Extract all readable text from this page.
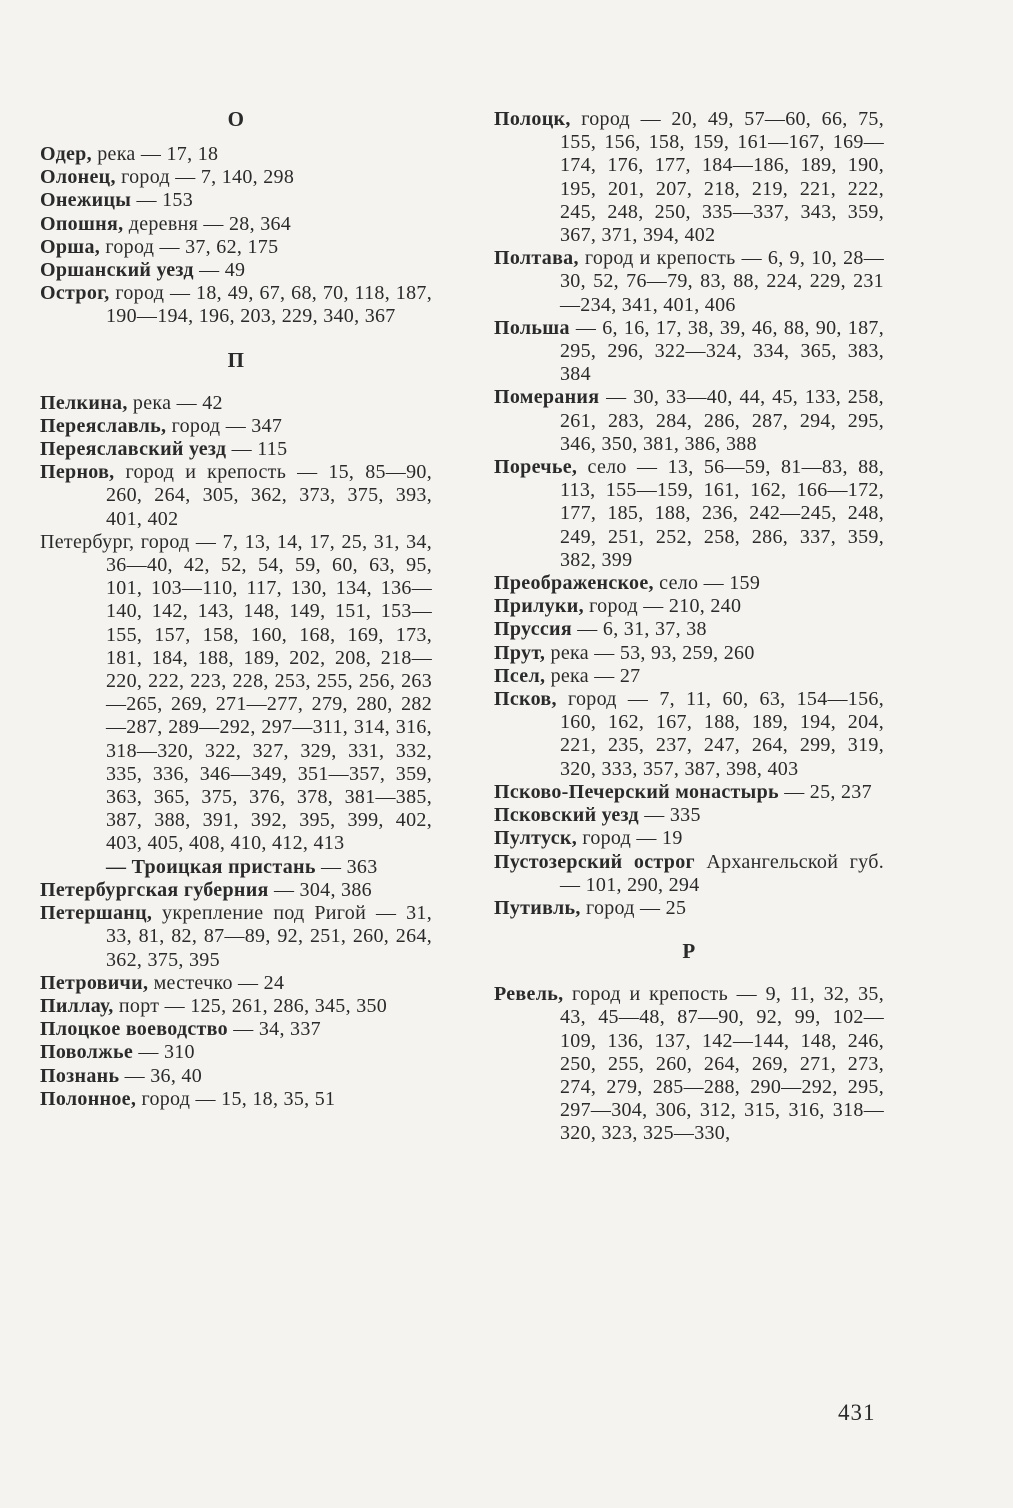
О

Одер, река — 17, 18

Олонец, город — 7, 140, 298

Онежицы — 153

Опошня, деревня — 28, 364

Орша, город — 37, 62, 175

Оршанский уезд — 49

Острог, город — 18, 49, 67, 68, 70, 118, 187, 190—194, 196, 203, 229, 340, 367

П

Пелкина, река — 42

Переяславль, город — 347

Переяславский уезд — 115

Пернов, город и крепость — 15, 85—90, 260, 264, 305, 362, 373, 375, 393, 401, 402

Петербург, город — 7, 13, 14, 17, 25, 31, 34, 36—40, 42, 52, 54, 59, 60, 63, 95, 101, 103—110, 117, 130, 134, 136—140, 142, 143, 148, 149, 151, 153—155, 157, 158, 160, 168, 169, 173, 181, 184, 188, 189, 202, 208, 218—220, 222, 223, 228, 253, 255, 256, 263—265, 269, 271—277, 279, 280, 282—287, 289—292, 297—311, 314, 316, 318—320, 322, 327, 329, 331, 332, 335, 336, 346—349, 351—357, 359, 363, 365, 375, 376, 378, 381—385, 387, 388, 391, 392, 395, 399, 402, 403, 405, 408, 410, 412, 413

— Троицкая пристань — 363

Петербургская губерния — 304, 386

Петершанц, укрепление под Ригой — 31, 33, 81, 82, 87—89, 92, 251, 260, 264, 362, 375, 395

Петровичи, местечко — 24

Пиллау, порт — 125, 261, 286, 345, 350

Плоцкое воеводство — 34, 337

Поволжье — 310

Познань — 36, 40

Полонное, город — 15, 18, 35, 51

Полоцк, город — 20, 49, 57—60, 66, 75, 155, 156, 158, 159, 161—167, 169—174, 176, 177, 184—186, 189, 190, 195, 201, 207, 218, 219, 221, 222, 245, 248, 250, 335—337, 343, 359, 367, 371, 394, 402

Полтава, город и крепость — 6, 9, 10, 28—30, 52, 76—79, 83, 88, 224, 229, 231—234, 341, 401, 406

Польша — 6, 16, 17, 38, 39, 46, 88, 90, 187, 295, 296, 322—324, 334, 365, 383, 384

Померания — 30, 33—40, 44, 45, 133, 258, 261, 283, 284, 286, 287, 294, 295, 346, 350, 381, 386, 388

Поречье, село — 13, 56—59, 81—83, 88, 113, 155—159, 161, 162, 166—172, 177, 185, 188, 236, 242—245, 248, 249, 251, 252, 258, 286, 337, 359, 382, 399

Преображенское, село — 159

Прилуки, город — 210, 240

Пруссия — 6, 31, 37, 38

Прут, река — 53, 93, 259, 260

Псел, река — 27

Псков, город — 7, 11, 60, 63, 154—156, 160, 162, 167, 188, 189, 194, 204, 221, 235, 237, 247, 264, 299, 319, 320, 333, 357, 387, 398, 403

Псково-Печерский монастырь — 25, 237

Псковский уезд — 335

Пултуск, город — 19

Пустозерский острог Архангельской губ. — 101, 290, 294

Путивль, город — 25

Р

Ревель, город и крепость — 9, 11, 32, 35, 43, 45—48, 87—90, 92, 99, 102—109, 136, 137, 142—144, 148, 246, 250, 255, 260, 264, 269, 271, 273, 274, 279, 285—288, 290—292, 295, 297—304, 306, 312, 315, 316, 318—320, 323, 325—330,

431
